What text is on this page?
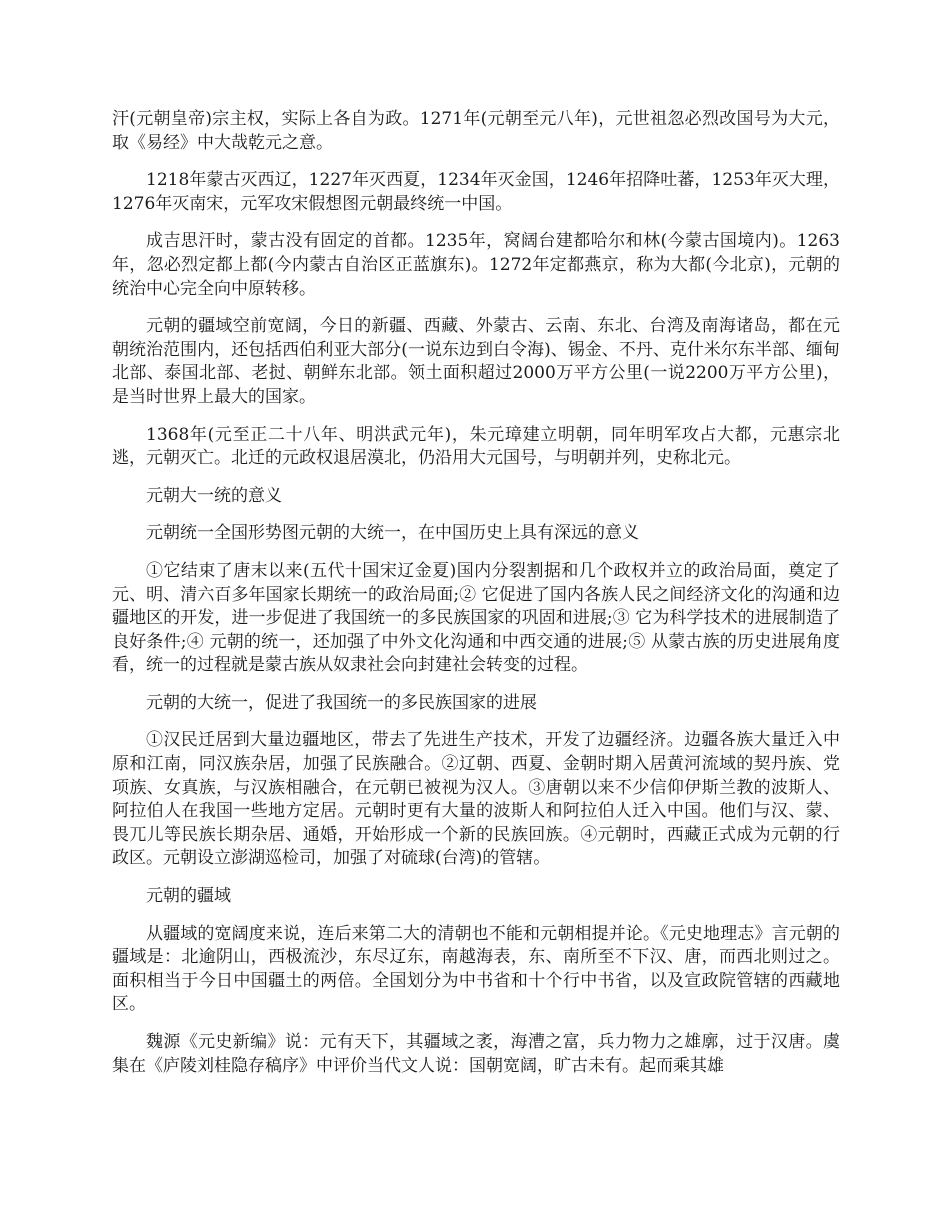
汗(元朝皇帝)宗主权，实际上各自为政。1271年(元朝至元八年)，元世祖忽必烈改国号为大元，取《易经》中大哉乾元之意。

1218年蒙古灭西辽，1227年灭西夏，1234年灭金国，1246年招降吐蕃，1253年灭大理，1276年灭南宋，元军攻宋假想图元朝最终统一中国。

成吉思汗时，蒙古没有固定的首都。1235年，窝阔台建都哈尔和林(今蒙古国境内)。1263年，忽必烈定都上都(今内蒙古自治区正蓝旗东)。1272年定都燕京，称为大都(今北京)，元朝的统治中心完全向中原转移。

元朝的疆域空前宽阔，今日的新疆、西藏、外蒙古、云南、东北、台湾及南海诸岛，都在元朝统治范围内，还包括西伯利亚大部分(一说东边到白令海)、锡金、不丹、克什米尔东半部、缅甸北部、泰国北部、老挝、朝鲜东北部。领土面积超过2000万平方公里(一说2200万平方公里)，是当时世界上最大的国家。

1368年(元至正二十八年、明洪武元年)，朱元璋建立明朝，同年明军攻占大都，元惠宗北逃，元朝灭亡。北迁的元政权退居漠北，仍沿用大元国号，与明朝并列，史称北元。

元朝大一统的意义

元朝统一全国形势图元朝的大统一，在中国历史上具有深远的意义

①它结束了唐末以来(五代十国宋辽金夏)国内分裂割据和几个政权并立的政治局面，奠定了元、明、清六百多年国家长期统一的政治局面;② 它促进了国内各族人民之间经济文化的沟通和边疆地区的开发，进一步促进了我国统一的多民族国家的巩固和进展;③ 它为科学技术的进展制造了良好条件;④ 元朝的统一，还加强了中外文化沟通和中西交通的进展;⑤ 从蒙古族的历史进展角度看，统一的过程就是蒙古族从奴隶社会向封建社会转变的过程。

元朝的大统一，促进了我国统一的多民族国家的进展

①汉民迁居到大量边疆地区，带去了先进生产技术，开发了边疆经济。边疆各族大量迁入中原和江南，同汉族杂居，加强了民族融合。②辽朝、西夏、金朝时期入居黄河流域的契丹族、党项族、女真族，与汉族相融合，在元朝已被视为汉人。③唐朝以来不少信仰伊斯兰教的波斯人、阿拉伯人在我国一些地方定居。元朝时更有大量的波斯人和阿拉伯人迁入中国。他们与汉、蒙、畏兀儿等民族长期杂居、通婚，开始形成一个新的民族回族。④元朝时，西藏正式成为元朝的行政区。元朝设立澎湖巡检司，加强了对硫球(台湾)的管辖。

元朝的疆域

从疆域的宽阔度来说，连后来第二大的清朝也不能和元朝相提并论。《元史地理志》言元朝的疆域是：北逾阴山，西极流沙，东尽辽东，南越海表，东、南所至不下汉、唐，而西北则过之。面积相当于今日中国疆土的两倍。全国划分为中书省和十个行中书省，以及宣政院管辖的西藏地区。

魏源《元史新编》说：元有天下，其疆域之袤，海漕之富，兵力物力之雄廓，过于汉唐。虞集在《庐陵刘桂隐存稿序》中评价当代文人说：国朝宽阔，旷古未有。起而乘其雄
